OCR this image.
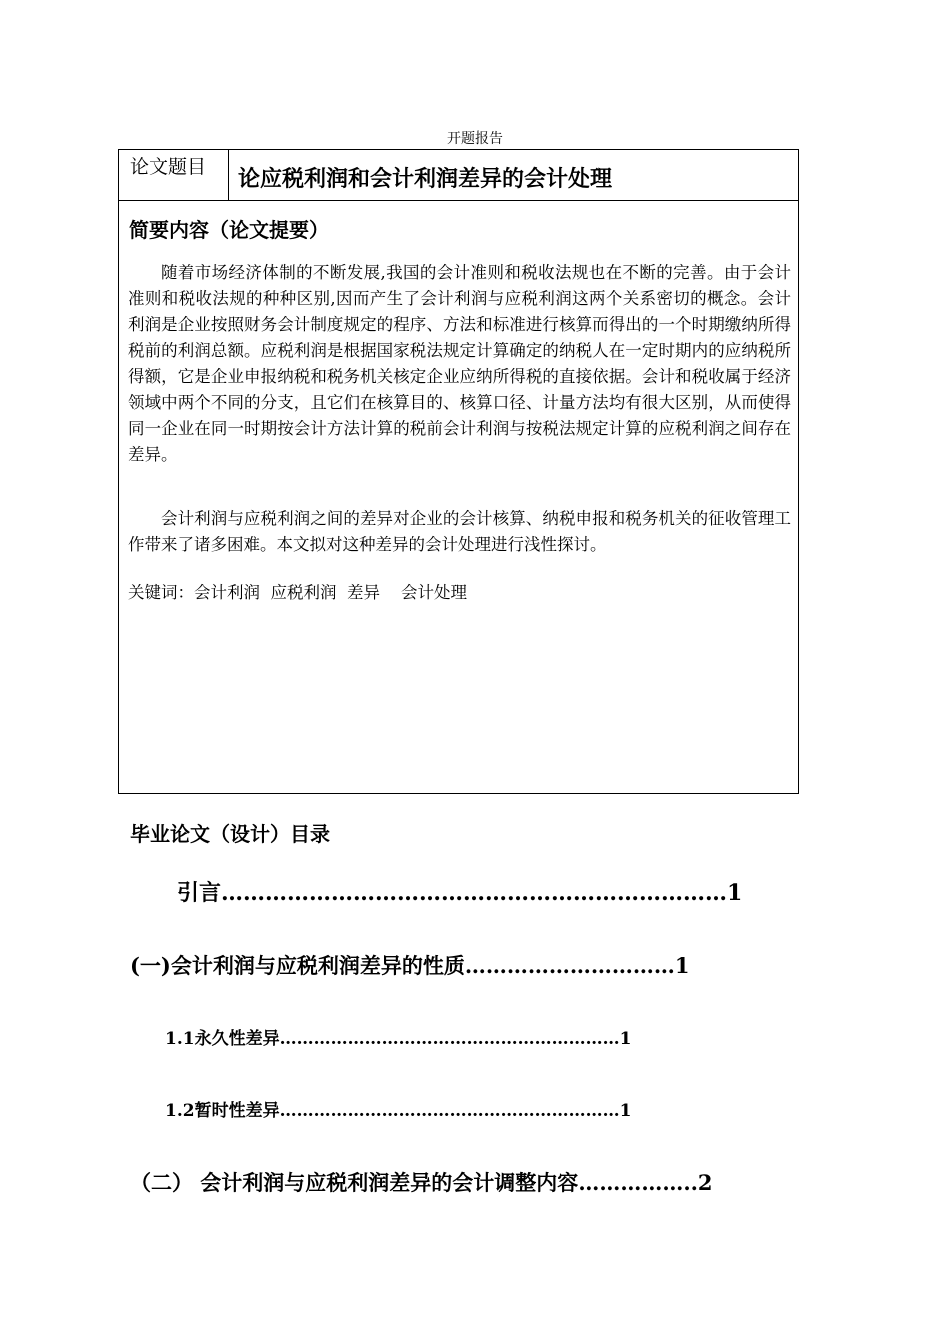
开题报告
论文题目	论应税利润和会计利润差异的会计处理
简要内容（论文提要）

随着市场经济体制的不断发展,我国的会计准则和税收法规也在不断的完善。由于会计准则和税收法规的种种区别,因而产生了会计利润与应税利润这两个关系密切的概念。会计利润是企业按照财务会计制度规定的程序、方法和标准进行核算而得出的一个时期缴纳所得税前的利润总额。应税利润是根据国家税法规定计算确定的纳税人在一定时期内的应纳税所得额，它是企业申报纳税和税务机关核定企业应纳所得税的直接依据。会计和税收属于经济领域中两个不同的分支，且它们在核算目的、核算口径、计量方法均有很大区别，从而使得同一企业在同一时期按会计方法计算的税前会计利润与按税法规定计算的应税利润之间存在差异。

会计利润与应税利润之间的差异对企业的会计核算、纳税申报和税务机关的征收管理工作带来了诸多困难。本文拟对这种差异的会计处理进行浅性探讨。

关键词：会计利润  应税利润  差异    会计处理
毕业论文（设计）目录
引言……………………………………………………………1
(一)会计利润与应税利润差异的性质…………………………1
1.1永久性差异……………………………………………………1
1.2暂时性差异……………………………………………………1
（二） 会计利润与应税利润差异的会计调整内容……………..2
